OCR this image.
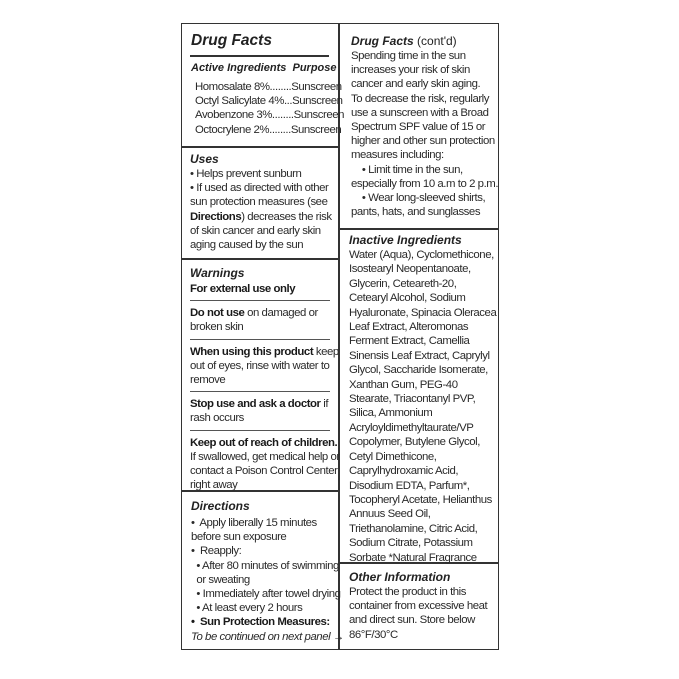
Drug Facts
Active Ingredients Purpose
Homosalate 8%........Sunscreen
Octyl Salicylate 4%...Sunscreen
Avobenzone 3%........Sunscreen
Octocrylene 2%........Sunscreen
Uses
• Helps prevent sunburn
• If used as directed with other
sun protection measures (see
Directions) decreases the risk
of skin cancer and early skin
aging caused by the sun
Warnings
For external use only
Do not use on damaged or
broken skin
When using this product keep
out of eyes, rinse with water to
remove
Stop use and ask a doctor if
rash occurs
Keep out of reach of children.
If swallowed, get medical help or
contact a Poison Control Center
right away
Directions
•  Apply liberally 15 minutes
before sun exposure
•  Reapply:
• After 80 minutes of swimming
or sweating
• Immediately after towel drying
• At least every 2 hours
•  Sun Protection Measures:
To be continued on next panel →
Drug Facts (cont'd)
Spending time in the sun
increases your risk of skin
cancer and early skin aging.
To decrease the risk, regularly
use a sunscreen with a Broad
Spectrum SPF value of 15 or
higher and other sun protection
measures including:
• Limit time in the sun,
especially from 10 a.m to 2 p.m.
• Wear long-sleeved shirts,
pants, hats, and sunglasses
Inactive Ingredients
Water (Aqua), Cyclomethicone,
Isostearyl Neopentanoate,
Glycerin, Ceteareth-20,
Cetearyl Alcohol, Sodium
Hyaluronate, Spinacia Oleracea
Leaf Extract, Alteromonas
Ferment Extract, Camellia
Sinensis Leaf Extract, Caprylyl
Glycol, Saccharide Isomerate,
Xanthan Gum, PEG-40
Stearate, Triacontanyl PVP,
Silica, Ammonium
Acryloyldimethyltaurate/VP
Copolymer, Butylene Glycol,
Cetyl Dimethicone,
Caprylhydroxamic Acid,
Disodium EDTA, Parfum*,
Tocopheryl Acetate, Helianthus
Annuus Seed Oil,
Triethanolamine, Citric Acid,
Sodium Citrate, Potassium
Sorbate *Natural Fragrance
Other Information
Protect the product in this
container from excessive heat
and direct sun. Store below
86°F/30°C
